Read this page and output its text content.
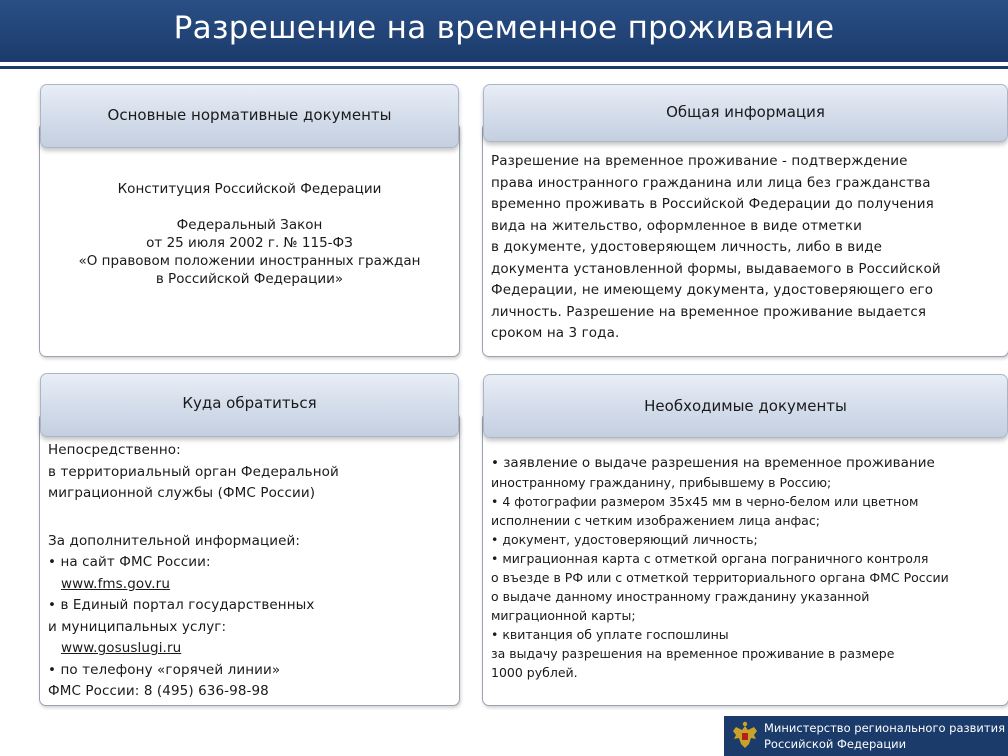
Разрешение на временное проживание
Основные нормативные документы

Конституция Российской Федерации

Федеральный Закон

от 25 июля 2002 г. № 115-ФЗ

«О правовом положении иностранных граждан

в Российской Федерации»

Общая информация

Разрешение на временное проживание - подтверждение

права иностранного гражданина или лица без гражданства

временно проживать в Российской Федерации до получения

вида на жительство, оформленное в виде отметки

в документе, удостоверяющем личность, либо в виде

документа установленной формы, выдаваемого в Российской

Федерации, не имеющему документа, удостоверяющего его

личность. Разрешение на временное проживание выдается

сроком на 3 года.

Куда обратиться

Непосредственно:

в территориальный орган Федеральной

миграционной службы (ФМС России)

За дополнительной информацией:

• на сайт ФМС России:

www.fms.gov.ru

• в Единый портал государственных

и муниципальных услуг:

www.gosuslugi.ru

• по телефону «горячей линии»

ФМС России: 8 (495) 636-98-98

Необходимые документы

• заявление о выдаче разрешения на временное проживание

иностранному гражданину, прибывшему в Россию;

• 4 фотографии размером 35х45 мм в черно-белом или цветном

исполнении с четким изображением лица анфас;

• документ, удостоверяющий личность;

• миграционная карта с отметкой органа пограничного контроля

о въезде в РФ или с отметкой территориального органа ФМС России

о выдаче данному иностранному гражданину указанной

миграционной карты;

• квитанция об уплате госпошлины

за выдачу разрешения на временное проживание в размере

1000 рублей.

Министерство регионального развития
Российской Федерации
